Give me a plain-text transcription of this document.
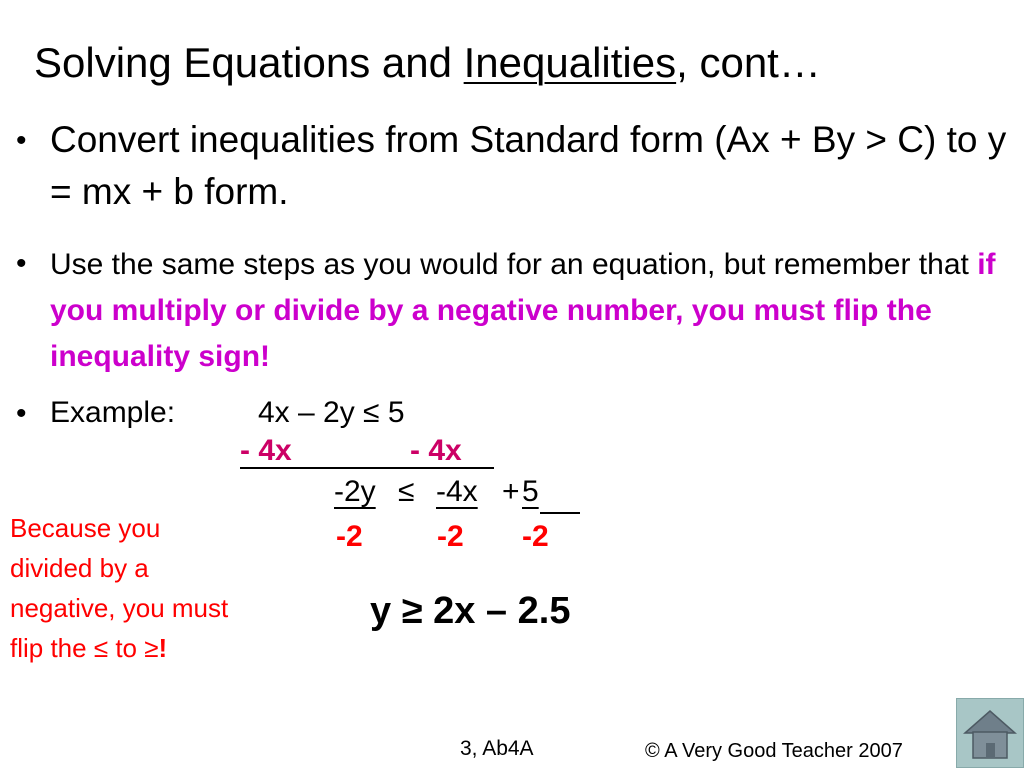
Solving Equations and Inequalities, cont…
• Convert inequalities from Standard form (Ax + By > C) to y = mx + b form.
• Use the same steps as you would for an equation, but remember that if you multiply or divide by a negative number, you must flip the inequality sign!
• Example:	4x – 2y ≤ 5
- 4x	- 4x
-2y ≤ -4x + 5
-2 -2 -2
Because you divided by a negative, you must flip the ≤ to ≥!
y ≥ 2x – 2.5
3, Ab4A	© A Very Good Teacher 2007
